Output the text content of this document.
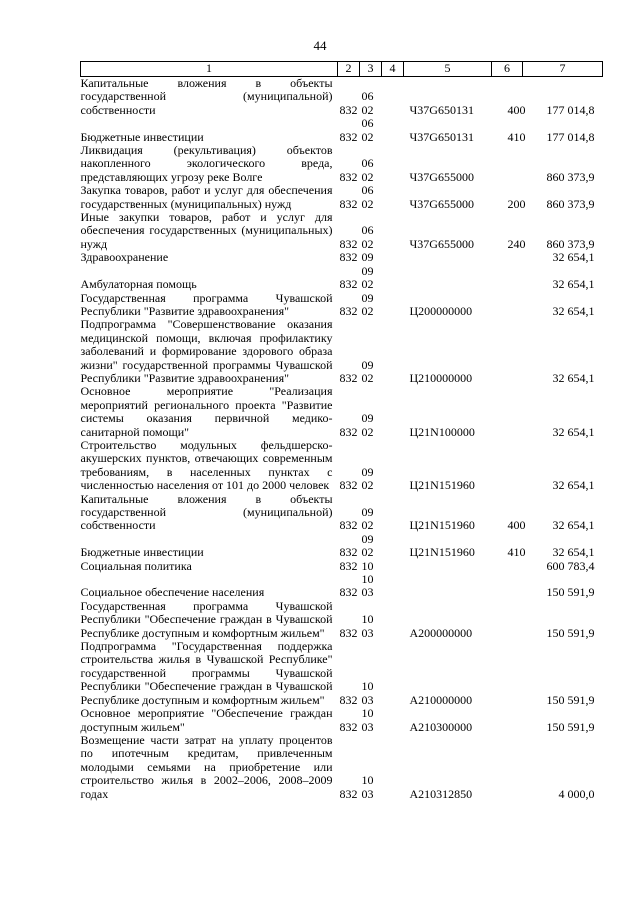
44
1	2	3	4	5	6	7
Капитальные вложения в объекты государственной (муниципальной) собственности	832	06 02		Ч37G650131	400	177 014,8
Бюджетные инвестиции	832	06 02		Ч37G650131	410	177 014,8
Ликвидация (рекультивация) объектов накопленного экологического вреда, представляющих угрозу реке Волге	832	06 02		Ч37G655000		860 373,9
Закупка товаров, работ и услуг для обеспечения государственных (муниципальных) нужд	832	06 02		Ч37G655000	200	860 373,9
Иные закупки товаров, работ и услуг для обеспечения государственных (муниципальных) нужд	832	06 02		Ч37G655000	240	860 373,9
Здравоохранение	832	09				32 654,1
Амбулаторная помощь	832	09 02				32 654,1
Государственная программа Чувашской Республики "Развитие здравоохранения"	832	09 02		Ц200000000		32 654,1
Подпрограмма "Совершенствование оказания медицинской помощи, включая профилактику заболеваний и формирование здорового образа жизни" государственной программы Чувашской Республики "Развитие здравоохранения"	832	09 02		Ц210000000		32 654,1
Основное мероприятие "Реализация мероприятий регионального проекта "Развитие системы оказания первичной медико-санитарной помощи"	832	09 02		Ц21N100000		32 654,1
Строительство модульных фельдшерско-акушерских пунктов, отвечающих современным требованиям, в населенных пунктах с численностью населения от 101 до 2000 человек	832	09 02		Ц21N151960		32 654,1
Капитальные вложения в объекты государственной (муниципальной) собственности	832	09 02		Ц21N151960	400	32 654,1
Бюджетные инвестиции	832	09 02		Ц21N151960	410	32 654,1
Социальная политика	832	10				600 783,4
Социальное обеспечение населения	832	10 03				150 591,9
Государственная программа Чувашской Республики "Обеспечение граждан в Чувашской Республике доступным и комфортным жильем"	832	10 03		А200000000		150 591,9
Подпрограмма "Государственная поддержка строительства жилья в Чувашской Республике" государственной программы Чувашской Республики "Обеспечение граждан в Чувашской Республике доступным и комфортным жильем"	832	10 03		А210000000		150 591,9
Основное мероприятие "Обеспечение граждан доступным жильем"	832	10 03		А210300000		150 591,9
Возмещение части затрат на уплату процентов по ипотечным кредитам, привлеченным молодыми семьями на приобретение или строительство жилья в 2002–2006, 2008–2009 годах	832	10 03		А210312850		4 000,0
